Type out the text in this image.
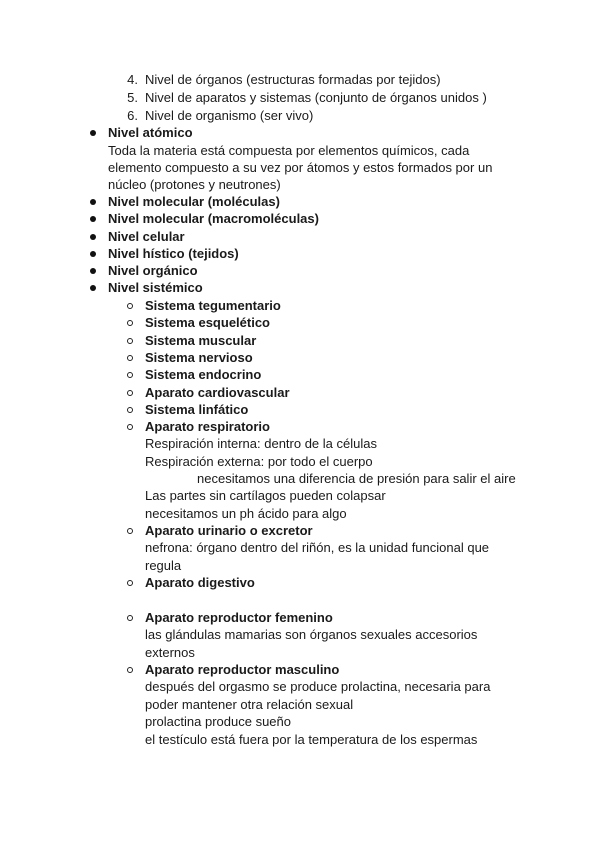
4. Nivel de órganos (estructuras formadas por tejidos)
5. Nivel de aparatos y sistemas (conjunto de órganos unidos )
6. Nivel de organismo (ser vivo)
Nivel atómico
Toda la materia está compuesta por elementos químicos, cada
elemento compuesto a su vez por átomos y estos formados por un
núcleo (protones y neutrones)
Nivel molecular (moléculas)
Nivel molecular (macromoléculas)
Nivel celular
Nivel hístico (tejidos)
Nivel orgánico
Nivel sistémico
Sistema tegumentario
Sistema esquelético
Sistema muscular
Sistema nervioso
Sistema endocrino
Aparato cardiovascular
Sistema linfático
Aparato respiratorio
Respiración interna: dentro de la células
Respiración externa: por todo el cuerpo
necesitamos una diferencia de presión para salir el aire
Las partes sin cartílagos pueden colapsar
necesitamos un ph ácido para algo
Aparato urinario o excretor
nefrona: órgano dentro del riñón, es la unidad funcional que
regula
Aparato digestivo
Aparato reproductor femenino
las glándulas mamarias son órganos sexuales accesorios
externos
Aparato reproductor masculino
después del orgasmo se produce prolactina, necesaria para
poder mantener otra relación sexual
prolactina produce sueño
el testículo está fuera por la temperatura de los espermas
